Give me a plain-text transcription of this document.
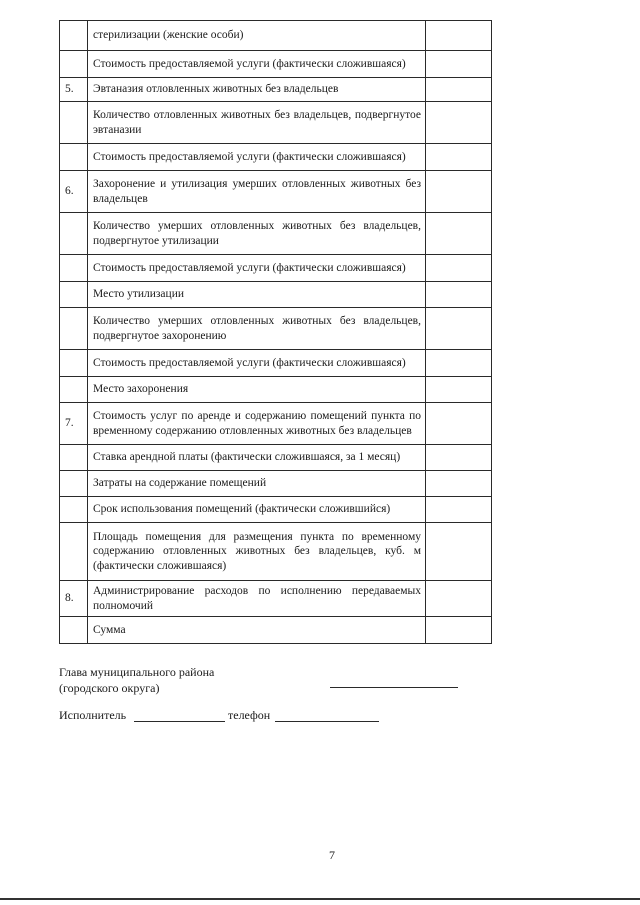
	стерилизации (женские особи)	
	Стоимость предоставляемой услуги (фактически сложившаяся)	
5.	Эвтаназия отловленных животных без владельцев	
	Количество отловленных животных без владельцев, подвергнутое эвтаназии	
	Стоимость предоставляемой услуги (фактически сложившаяся)	
6.	Захоронение и утилизация умерших отловленных животных без владельцев	
	Количество умерших отловленных животных без владельцев, подвергнутое утилизации	
	Стоимость предоставляемой услуги (фактически сложившаяся)	
	Место утилизации	
	Количество умерших отловленных животных без владельцев, подвергнутое захоронению	
	Стоимость предоставляемой услуги (фактически сложившаяся)	
	Место захоронения	
7.	Стоимость услуг по аренде и содержанию помещений пункта по временному содержанию отловленных животных без владельцев	
	Ставка арендной платы (фактически сложившаяся, за 1 месяц)	
	Затраты на содержание помещений	
	Срок использования помещений (фактически сложившийся)	
	Площадь помещения для размещения пункта по временному содержанию отловленных животных без владельцев, куб. м (фактически сложившаяся)	
8.	Администрирование расходов по исполнению передаваемых полномочий	
	Сумма	
Глава муниципального района
(городского округа)
Исполнитель	телефон
7
